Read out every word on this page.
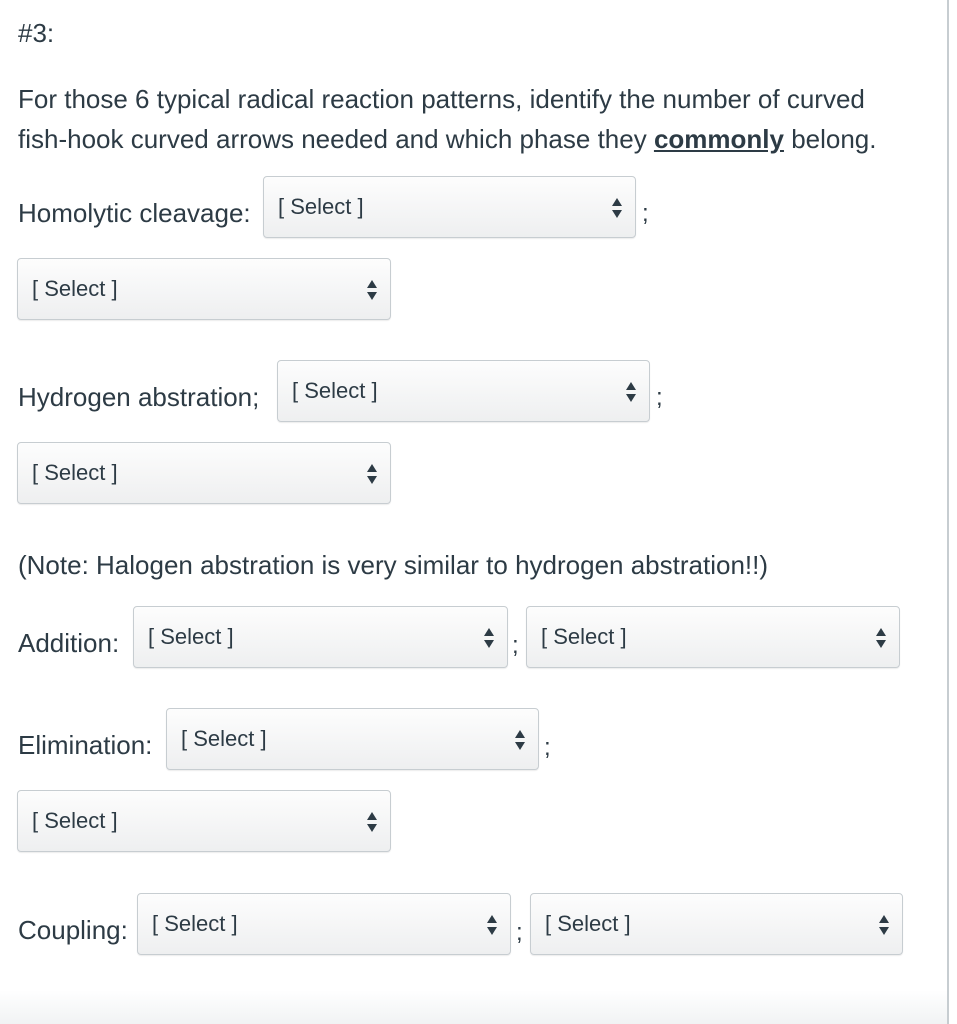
#3:
For those 6 typical radical reaction patterns, identify the number of curved fish-hook curved arrows needed and which phase they commonly belong.
Homolytic cleavage: [ Select ]	;
[ Select ]
Hydrogen abstration; [ Select ]	;
[ Select ]
(Note: Halogen abstration is very similar to hydrogen abstration!!)
Addition: [ Select ]	; [ Select ]
Elimination: [ Select ]	;
[ Select ]
Coupling: [ Select ]	; [ Select ]
